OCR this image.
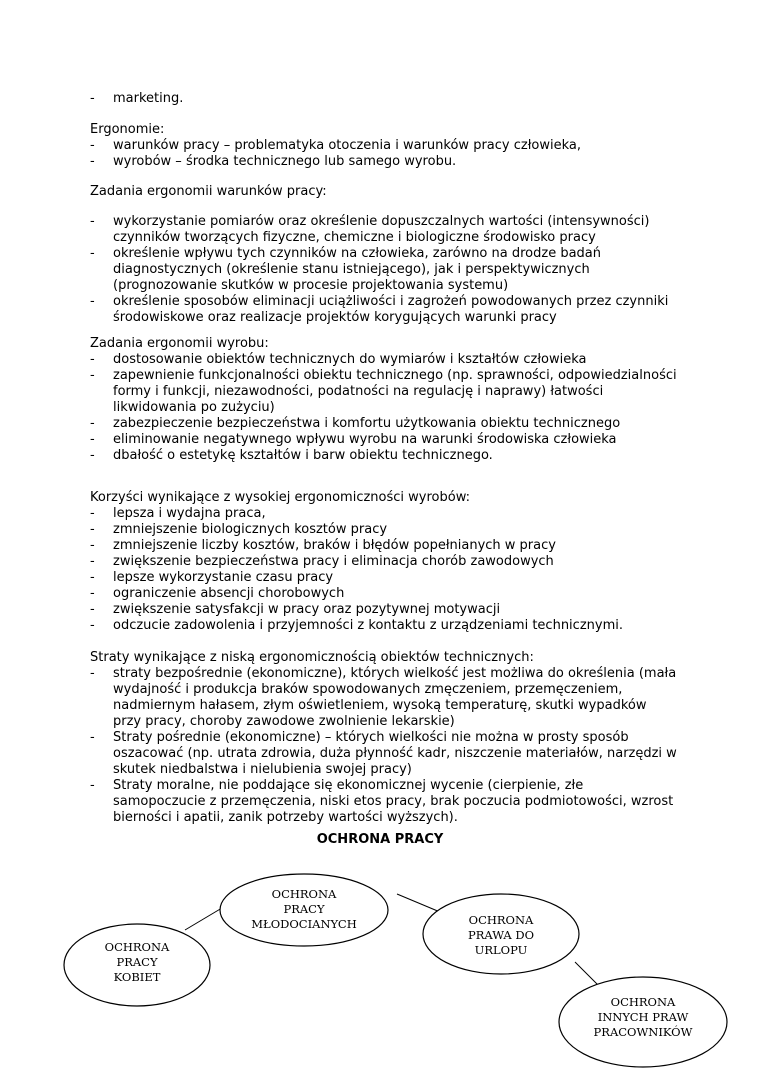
- marketing.
Ergonomie:
- warunków pracy – problematyka otoczenia i warunków pracy człowieka,
- wyrobów – środka technicznego lub samego wyrobu.
Zadania ergonomii warunków pracy:
- wykorzystanie pomiarów oraz określenie dopuszczalnych wartości (intensywności)
czynników tworzących fizyczne, chemiczne i biologiczne środowisko pracy
- określenie wpływu tych czynników na człowieka, zarówno na drodze badań
diagnostycznych (określenie stanu istniejącego), jak i perspektywicznych
(prognozowanie skutków w procesie projektowania systemu)
- określenie sposobów eliminacji uciążliwości i zagrożeń powodowanych przez czynniki
środowiskowe oraz realizacje projektów korygujących warunki pracy
Zadania ergonomii wyrobu:
- dostosowanie obiektów technicznych do wymiarów i kształtów człowieka
- zapewnienie funkcjonalności obiektu technicznego (np. sprawności, odpowiedzialności
formy i funkcji, niezawodności, podatności na regulację i naprawy) łatwości
likwidowania po zużyciu)
- zabezpieczenie bezpieczeństwa i komfortu użytkowania obiektu technicznego
- eliminowanie negatywnego wpływu wyrobu na warunki środowiska człowieka
- dbałość o estetykę kształtów i barw obiektu technicznego.
Korzyści wynikające z wysokiej ergonomiczności wyrobów:
- lepsza i wydajna praca,
- zmniejszenie biologicznych kosztów pracy
- zmniejszenie liczby kosztów, braków i błędów popełnianych w pracy
- zwiększenie bezpieczeństwa pracy i eliminacja chorób zawodowych
- lepsze wykorzystanie czasu pracy
- ograniczenie absencji chorobowych
- zwiększenie satysfakcji w pracy oraz pozytywnej motywacji
- odczucie zadowolenia i przyjemności z kontaktu z urządzeniami technicznymi.
Straty wynikające z niską ergonomicznością obiektów technicznych:
- straty bezpośrednie (ekonomiczne), których wielkość jest możliwa do określenia (mała
wydajność i produkcja braków spowodowanych zmęczeniem, przemęczeniem,
nadmiernym hałasem, złym oświetleniem, wysoką temperaturę, skutki wypadków
przy pracy, choroby zawodowe zwolnienie lekarskie)
- Straty pośrednie (ekonomiczne) – których wielkości nie można w prosty sposób
oszacować (np. utrata zdrowia, duża płynność kadr, niszczenie materiałów, narzędzi w
skutek niedbalstwa i nielubienia swojej pracy)
- Straty moralne, nie poddające się ekonomicznej wycenie (cierpienie, złe
samopoczucie z przemęczenia, niski etos pracy, brak poczucia podmiotowości, wzrost
bierności i apatii, zanik potrzeby wartości wyższych).
OCHRONA PRACY
OCHRONA
PRACY
MŁODOCIANYCH
OCHRONA
PRACY
KOBIET
OCHRONA
PRAWA DO
URLOPU
OCHRONA
INNYCH PRAW
PRACOWNIKÓW
